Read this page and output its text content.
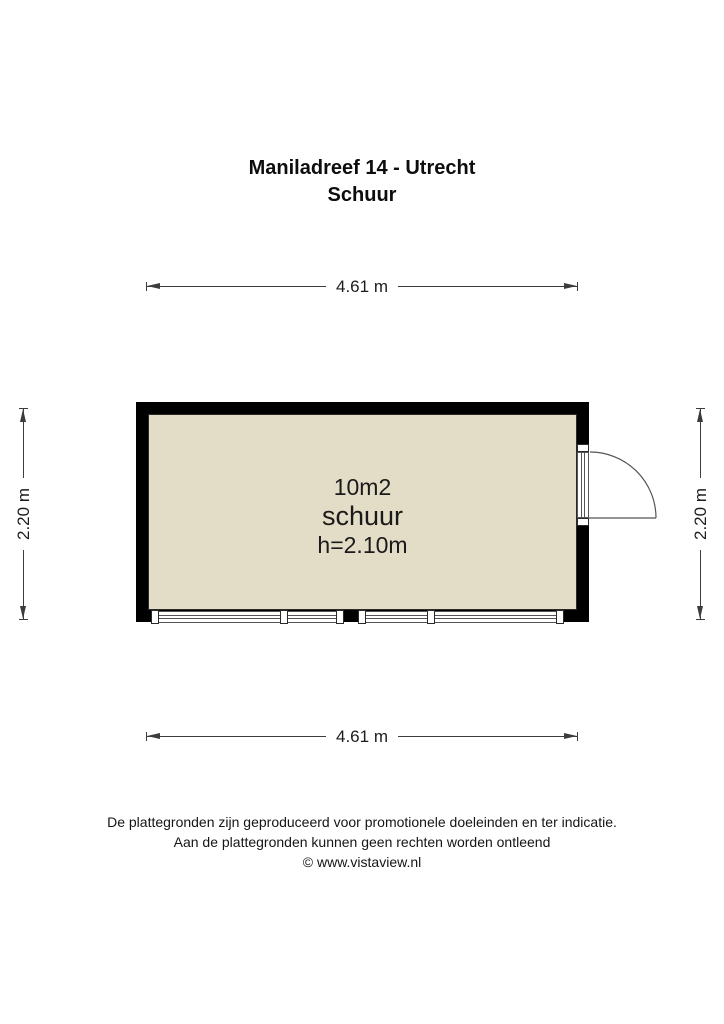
Maniladreef 14 - Utrecht
Schuur
4.61 m
2.20 m	2.20 m
10m2
schuur
h=2.10m
4.61 m
De plattegronden zijn geproduceerd voor promotionele doeleinden en ter indicatie.
Aan de plattegronden kunnen geen rechten worden ontleend
© www.vistaview.nl
